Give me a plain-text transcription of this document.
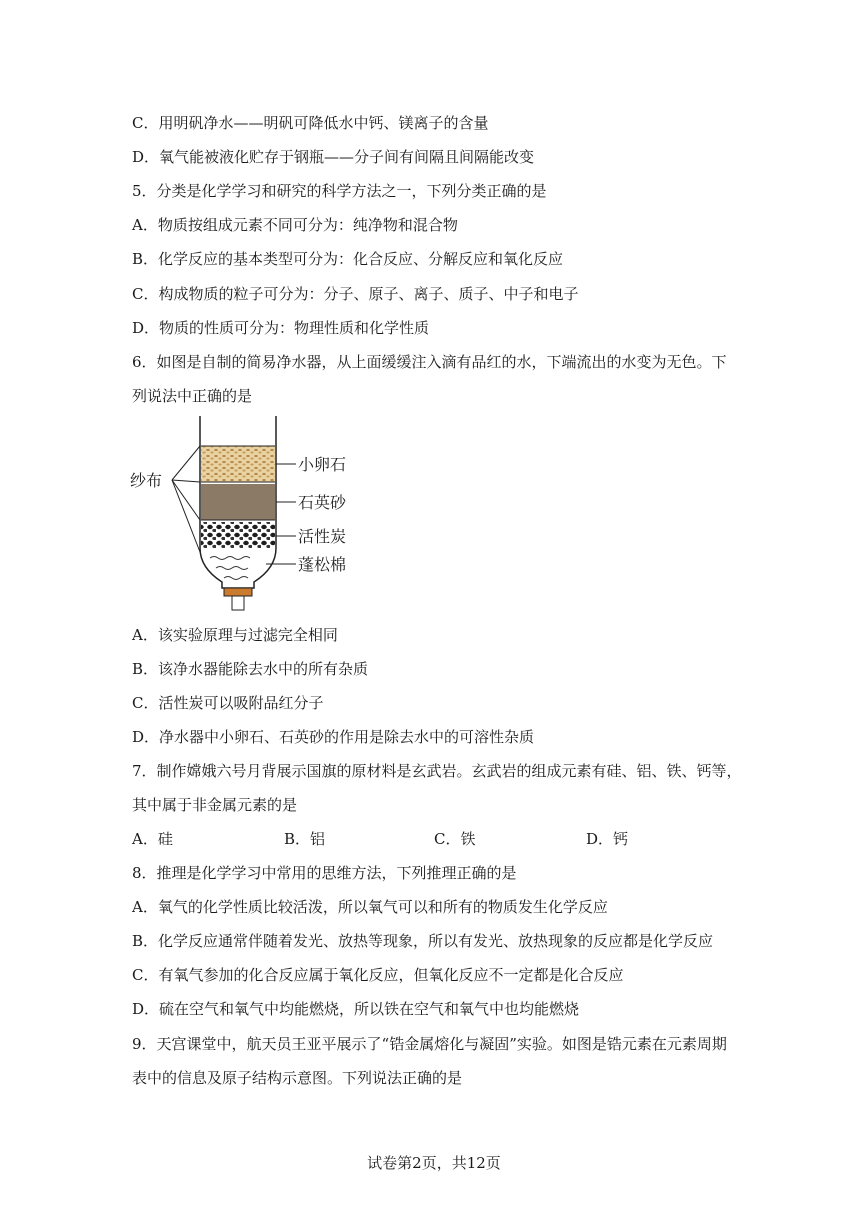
C．用明矾净水——明矾可降低水中钙、镁离子的含量
D．氧气能被液化贮存于钢瓶——分子间有间隔且间隔能改变
5．分类是化学学习和研究的科学方法之一，下列分类正确的是
A．物质按组成元素不同可分为：纯净物和混合物
B．化学反应的基本类型可分为：化合反应、分解反应和氧化反应
C．构成物质的粒子可分为：分子、原子、离子、质子、中子和电子
D．物质的性质可分为：物理性质和化学性质
6．如图是自制的简易净水器，从上面缓缓注入滴有品红的水，下端流出的水变为无色。下
列说法中正确的是
纱布
小卵石
石英砂
活性炭
蓬松棉
A．该实验原理与过滤完全相同
B．该净水器能除去水中的所有杂质
C．活性炭可以吸附品红分子
D．净水器中小卵石、石英砂的作用是除去水中的可溶性杂质
7．制作嫦娥六号月背展示国旗的原材料是玄武岩。玄武岩的组成元素有硅、铝、铁、钙等，
其中属于非金属元素的是
A．硅	B．铝	C．铁	D．钙
8．推理是化学学习中常用的思维方法，下列推理正确的是
A．氧气的化学性质比较活泼，所以氧气可以和所有的物质发生化学反应
B．化学反应通常伴随着发光、放热等现象，所以有发光、放热现象的反应都是化学反应
C．有氧气参加的化合反应属于氧化反应，但氧化反应不一定都是化合反应
D．硫在空气和氧气中均能燃烧，所以铁在空气和氧气中也均能燃烧
9．天宫课堂中，航天员王亚平展示了“锆金属熔化与凝固”实验。如图是锆元素在元素周期
表中的信息及原子结构示意图。下列说法正确的是
试卷第2页，共12页
